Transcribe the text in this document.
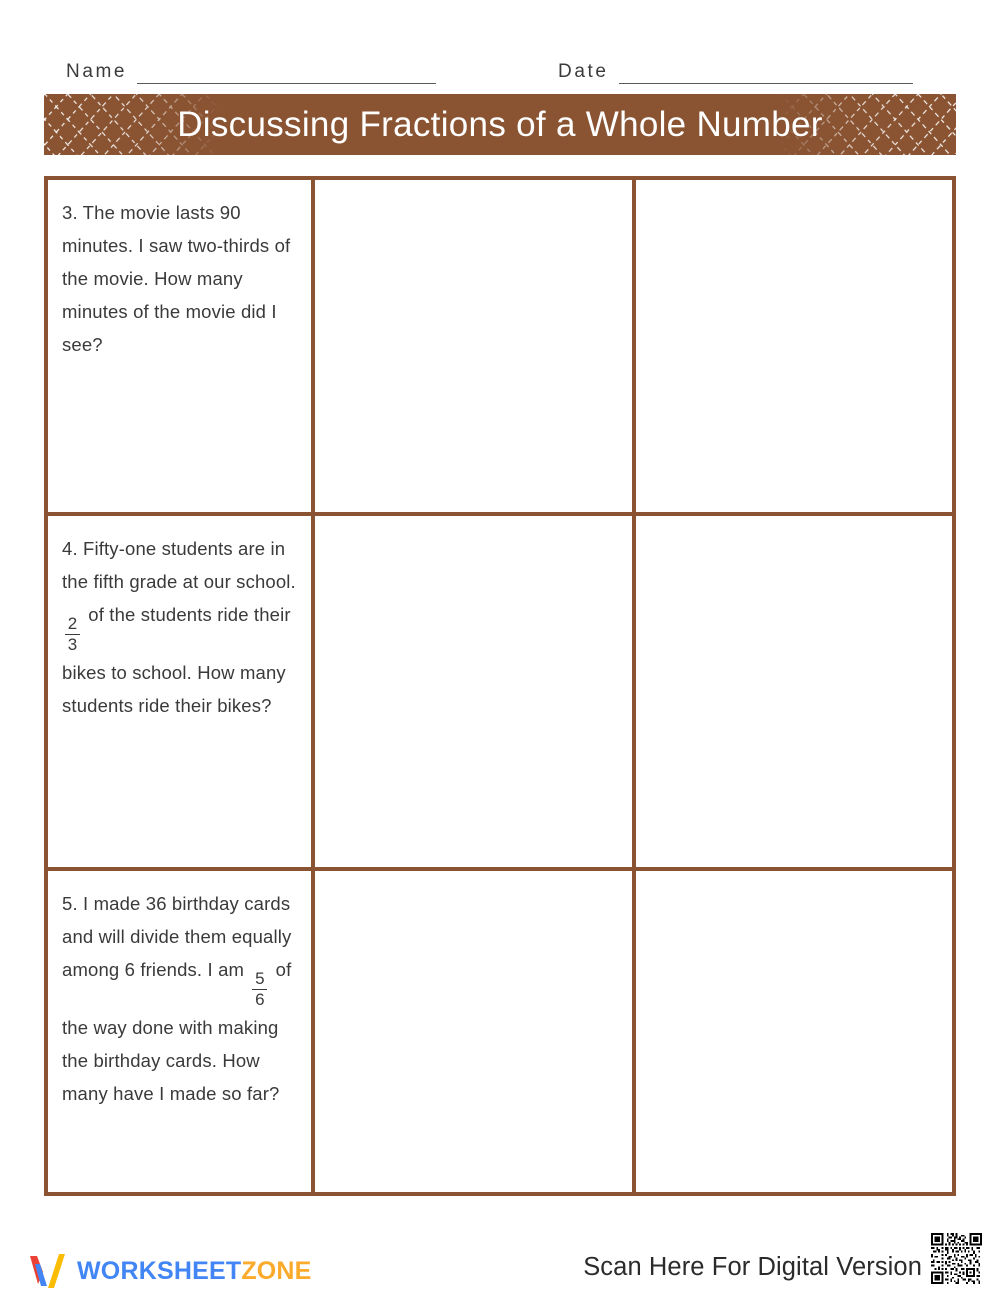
Name	Date
Discussing Fractions of a Whole Number
3. The movie lasts 90 minutes. I saw two-thirds of the movie. How many minutes of the movie did I see?
4. Fifty-one students are in the fifth grade at our school.
$\frac{2}{3}$
of the students ride their bikes to school. How many students ride their bikes?
5. I made 36 birthday cards and will divide them equally among 6 friends. I am
$\frac{5}{6}$
of the way done with making the birthday cards. How many have I made so far?
WORKSHEETZONE	Scan Here For Digital Version
